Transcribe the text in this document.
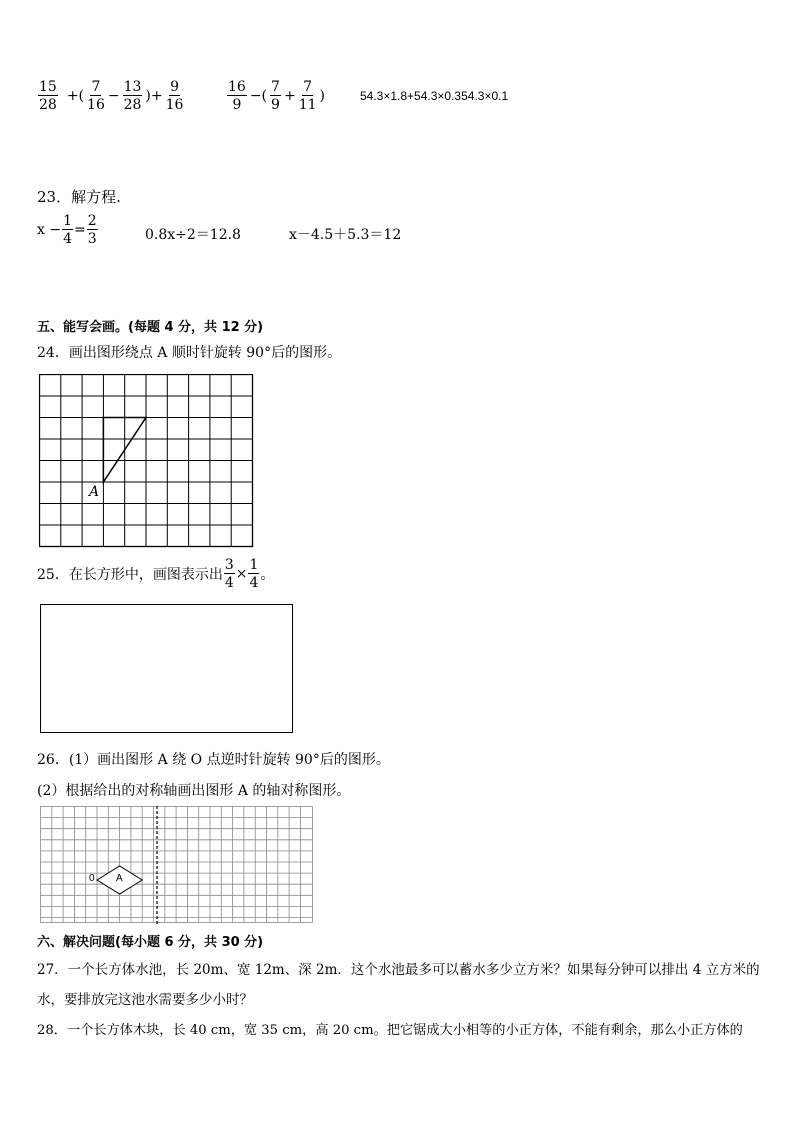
$\frac{15}{28}$ +( $\frac{7}{16} - \frac{13}{28}$ )+ $\frac{9}{16}$	$\frac{16}{9}$ −( $\frac{7}{9} + \frac{7}{11}$ )	54.3×1.8+54.3×0.354.3×0.1
23．解方程.
$x - \frac{1}{4} = \frac{2}{3}$	0.8x÷2＝12.8	x－4.5＋5.3＝12
五、能写会画。(每题 4 分，共 12 分)
24．画出图形绕点 A 顺时针旋转 90°后的图形。
A
25．在长方形中，画图表示出 $\frac{3}{4} \times \frac{1}{4}$ 。
26．(1）画出图形 A 绕 O 点逆时针旋转 90°后的图形。
(2）根据给出的对称轴画出图形 A 的轴对称图形。
0 A
六、解决问题(每小题 6 分，共 30 分)
27．一个长方体水池，长 20m、宽 12m、深 2m．这个水池最多可以蓄水多少立方米？如果每分钟可以排出 4 立方米的
水，要排放完这池水需要多少小时？
28．一个长方体木块，长 40 cm，宽 35 cm，高 20 cm。把它锯成大小相等的小正方体，不能有剩余，那么小正方体的
